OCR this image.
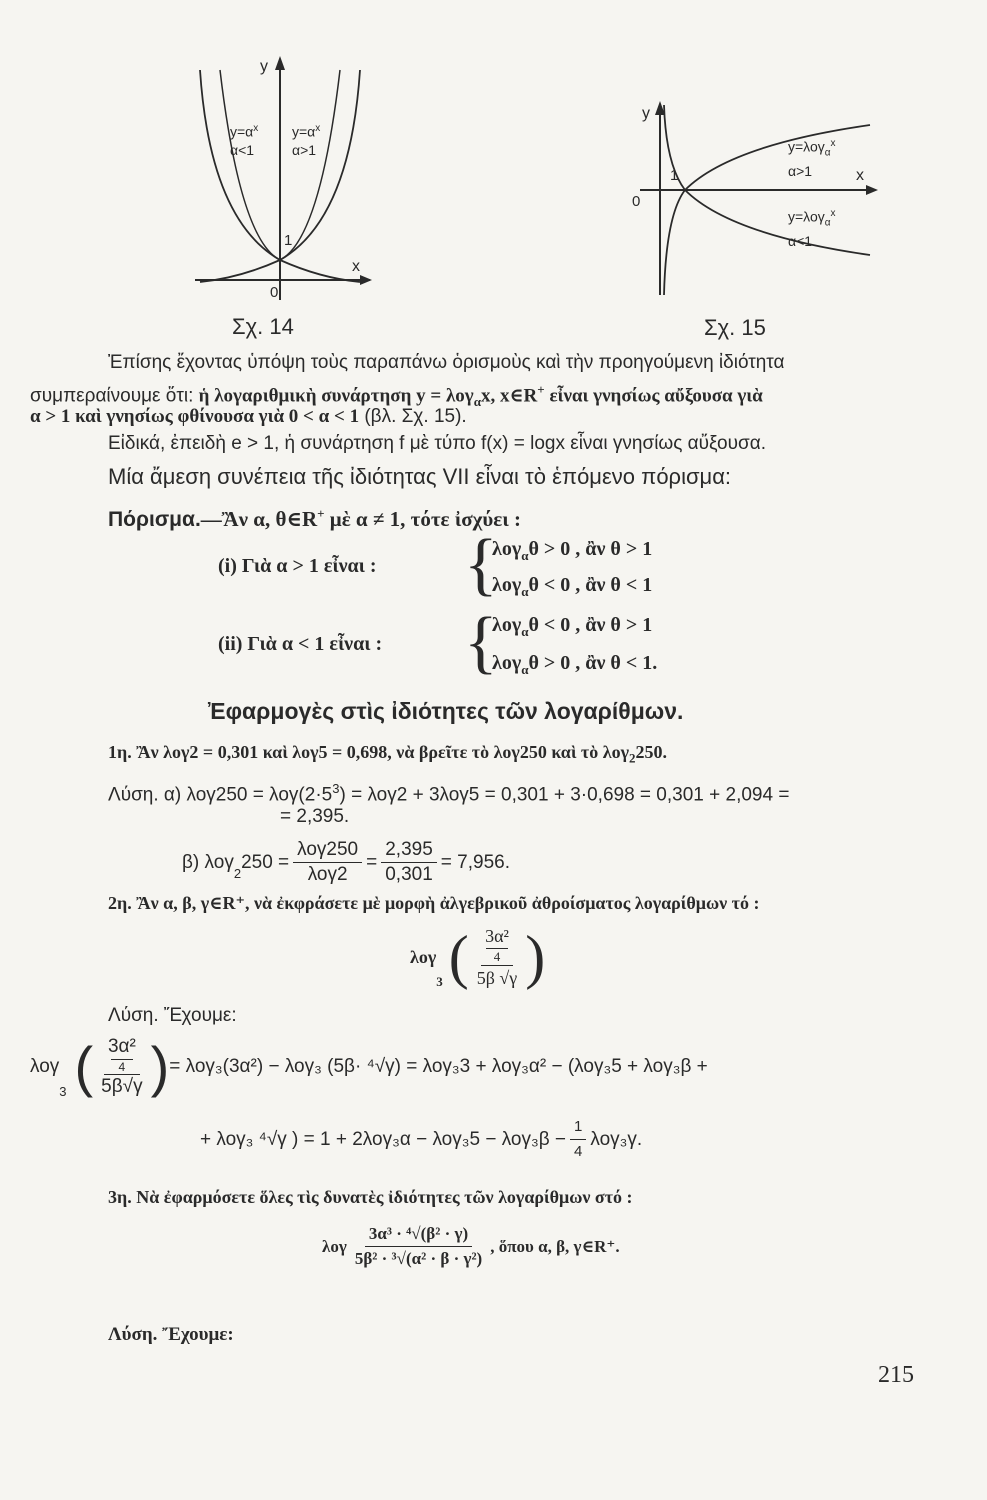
y
x
0
1
$y=\alpha^x$
α<1
$y=\alpha^x$
α>1
Σχ. 14
y
x
0
1
y=λογ$_\alpha^x$
α>1
y=λογ$_\alpha^x$
α<1
Σχ. 15
Ἐπίσης ἔχοντας ὑπόψη τοὺς παραπάνω ὁρισμοὺς καὶ τὴν προηγούμενη ἰδιότητα
συμπεραίνουμε ὅτι: ἡ λογαριθμικὴ συνάρτηση y = λογ$_\alpha$x, x∈R+ εἶναι γνησίως αὔξουσα γιὰ
α > 1 καὶ γνησίως φθίνουσα γιὰ 0 < α < 1 (βλ. Σχ. 15).
Εἰδικά, ἐπειδὴ e > 1, ἡ συνάρτηση f μὲ τύπο f(x) = logx εἶναι γνησίως αὔξουσα.
Μία ἄμεση συνέπεια τῆς ἰδιότητας VII εἶναι τὸ ἑπόμενο πόρισμα:
Πόρισμα.—Ἂν α, θ∈R+ μὲ α ≠ 1, τότε ἰσχύει :
(i) Γιὰ α > 1 εἶναι : {
λογ$_\alpha$θ > 0 , ἂν θ > 1
λογ$_\alpha$θ < 0 , ἂν θ < 1
(ii) Γιὰ α < 1 εἶναι : {
λογ$_\alpha$θ < 0 , ἂν θ > 1
λογ$_\alpha$θ > 0 , ἂν θ < 1.
Ἐφαρμογὲς στὶς ἰδιότητες τῶν λογαρίθμων.
1η. Ἂν λογ2 = 0,301 καὶ λογ5 = 0,698, νὰ βρεῖτε τὸ λογ250 καὶ τὸ λογ$_2$250.
Λύση. α) $\lambda o\gamma 250 = \lambda o\gamma(2\cdot 5^3) = \lambda o\gamma 2 + 3\lambda o\gamma 5 = 0,301 + 3\cdot 0,698 = 0,301 + 2,094$ =
= 2,395.
β) λογ
$_2$
$250 = \frac{\text{λογ250}}{\text{λογ2}} = \frac{2,395}{0,301} = 7,956$.
2η. Ἂν α, β, γ∈R⁺, νὰ ἐκφράσετε μὲ μορφὴ ἀλγεβρικοῦ ἀθροίσματος λογαρίθμων τό :
λογ
3 ( 3α²
4
5β √γ )
Λύση. Ἔχουμε:
λογ
3 ( 3α²
4
5β√γ ) = λογ₃(3α²) − λογ₃ (5β· ⁴√γ) = λογ₃3 + λογ₃α² − (λογ₃5 + λογ₃β +
+ λογ₃ ⁴√γ ) = $1 + 2\lambda o\gamma_3\alpha - \lambda o\gamma_35 - \lambda o\gamma_3\beta - \frac{1}{4} \lambda o\gamma_3\gamma$.
3η. Νὰ ἐφαρμόσετε ὅλες τὶς δυνατὲς ἰδιότητες τῶν λογαρίθμων στό :
λογ $\frac{\text{3α³ · ⁴√(β² · γ)}}{\text{5β² · ³√(α² · β · γ²)}}$ , ὅπου α, β, γ∈R⁺.
Λύση. Ἔχουμε:
215
